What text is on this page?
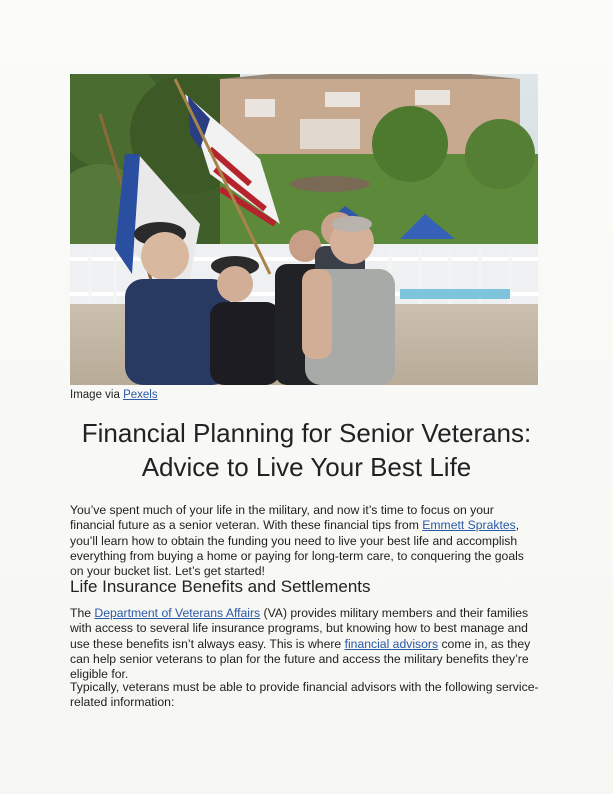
Image via Pexels
Financial Planning for Senior Veterans:
Advice to Live Your Best Life

You’ve spent much of your life in the military, and now it’s time to focus on your financial future as a senior veteran. With these financial tips from Emmett Spraktes, you’ll learn how to obtain the funding you need to live your best life and accomplish everything from buying a home or paying for long-term care, to conquering the goals on your bucket list. Let’s get started!

Life Insurance Benefits and Settlements

The Department of Veterans Affairs (VA) provides military members and their families with access to several life insurance programs, but knowing how to best manage and use these benefits isn’t always easy. This is where financial advisors come in, as they can help senior veterans to plan for the future and access the military benefits they’re eligible for.

Typically, veterans must be able to provide financial advisors with the following service-related information:
